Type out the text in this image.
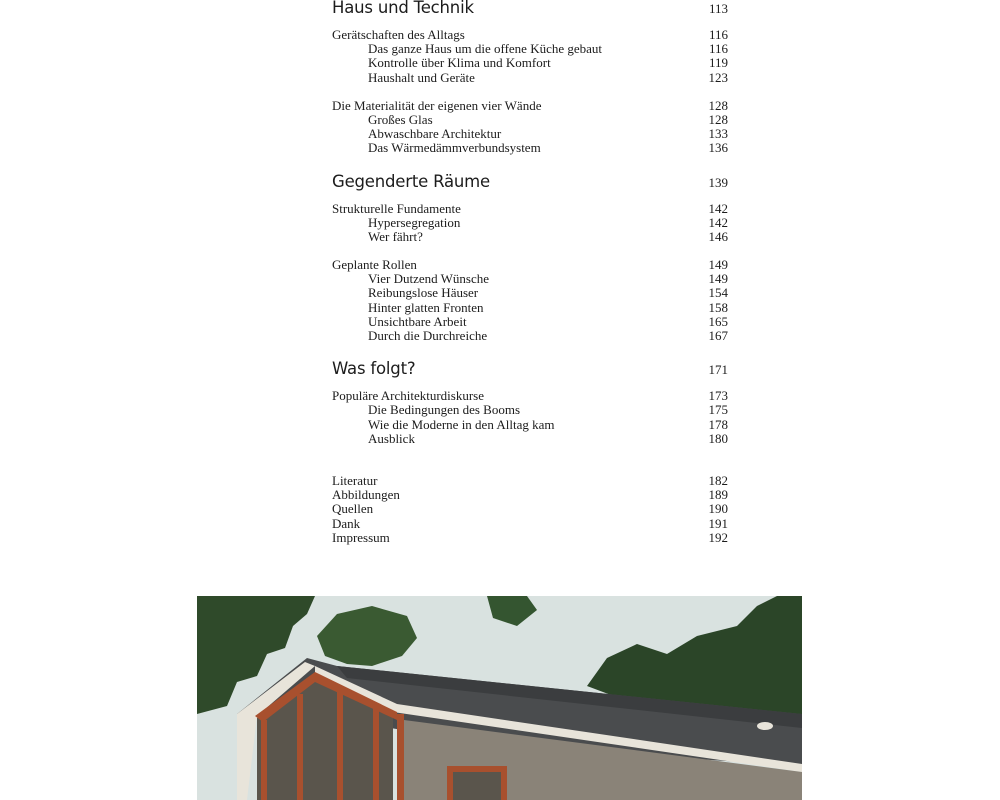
Haus und Technik	113
Gerätschaften des Alltags	116
Das ganze Haus um die offene Küche gebaut	116
Kontrolle über Klima und Komfort	119
Haushalt und Geräte	123
Die Materialität der eigenen vier Wände	128
Großes Glas	128
Abwaschbare Architektur	133
Das Wärmedämmverbundsystem	136
Gegenderte Räume	139
Strukturelle Fundamente	142
Hypersegregation	142
Wer fährt?	146
Geplante Rollen	149
Vier Dutzend Wünsche	149
Reibungslose Häuser	154
Hinter glatten Fronten	158
Unsichtbare Arbeit	165
Durch die Durchreiche	167
Was folgt?	171
Populäre Architekturdiskurse	173
Die Bedingungen des Booms	175
Wie die Moderne in den Alltag kam	178
Ausblick	180
Literatur	182
Abbildungen	189
Quellen	190
Dank	191
Impressum	192
